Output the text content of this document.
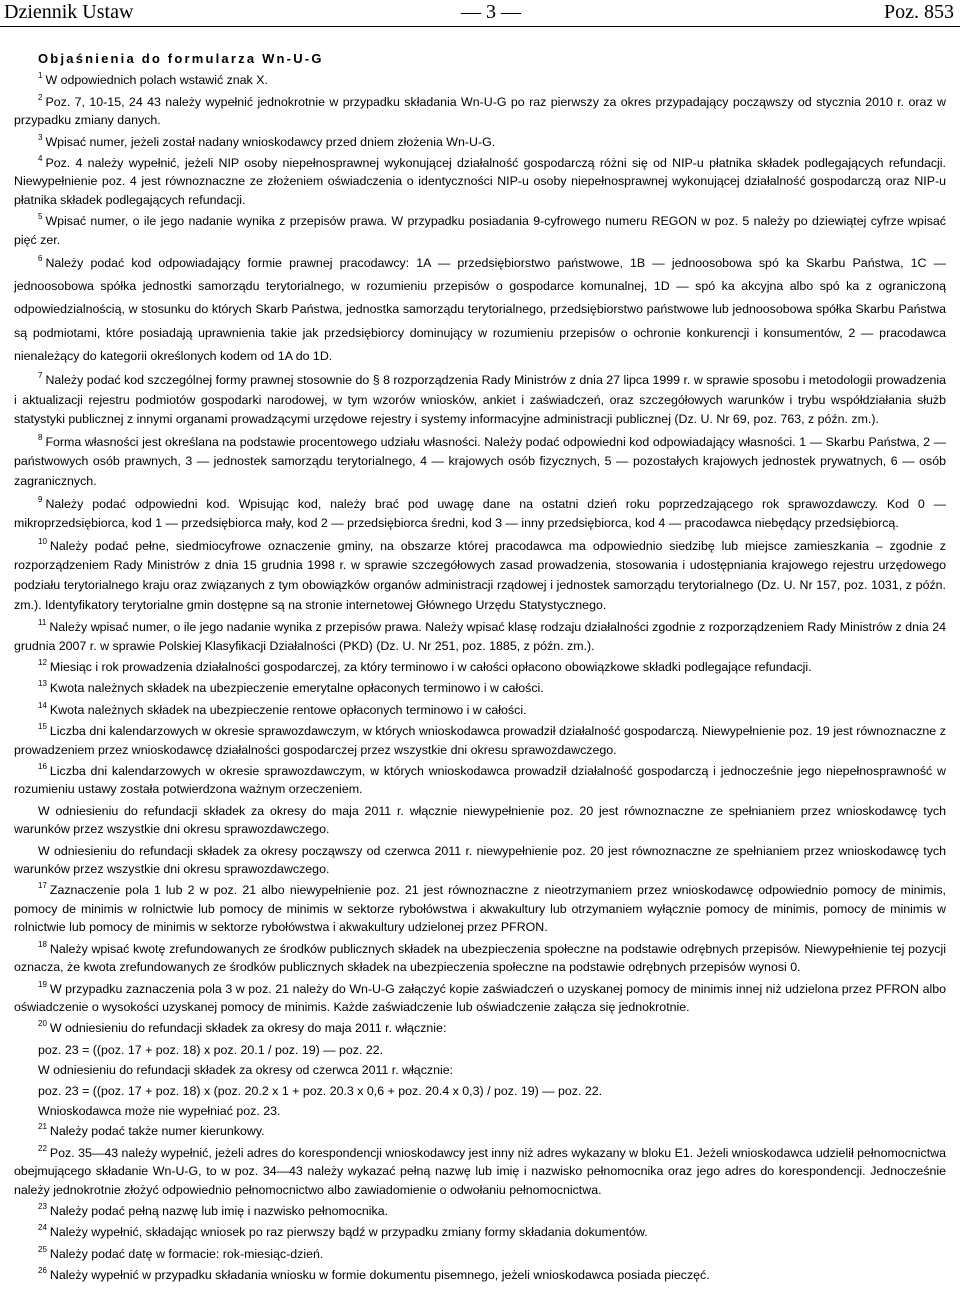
Dziennik Ustaw	— 3 —	Poz. 853
Objaśnienia do formularza Wn-U-G

$^1$ W odpowiednich polach wstawić znak X.

$^2$ Poz. 7, 10-15, 24 43 należy wypełnić jednokrotnie w przypadku składania Wn-U-G po raz pierwszy za okres przypadający począwszy od stycznia 2010 r. oraz w przypadku zmiany danych.

$^3$ Wpisać numer, jeżeli został nadany wnioskodawcy przed dniem złożenia Wn-U-G.

$^4$ Poz. 4 należy wypełnić, jeżeli NIP osoby niepełnosprawnej wykonującej działalność gospodarczą różni się od NIP-u płatnika składek podlegających refundacji. Niewypełnienie poz. 4 jest równoznaczne ze złożeniem oświadczenia o identyczności NIP-u osoby niepełnosprawnej wykonującej działalność gospodarczą oraz NIP-u płatnika składek podlegających refundacji.

$^5$ Wpisać numer, o ile jego nadanie wynika z przepisów prawa. W przypadku posiadania 9-cyfrowego numeru REGON w poz. 5 należy po dziewiątej cyfrze wpisać pięć zer.

$^6$ Należy podać kod odpowiadający formie prawnej pracodawcy: 1A — przedsiębiorstwo państwowe, 1B — jednoosobowa spó ka Skarbu Państwa, 1C — jednoosobowa spółka jednostki samorządu terytorialnego, w rozumieniu przepisów o gospodarce komunalnej, 1D — spó ka akcyjna albo spó ka z ograniczoną odpowiedzialnością, w stosunku do których Skarb Państwa, jednostka samorządu terytorialnego, przedsiębiorstwo państwowe lub jednoosobowa spółka Skarbu Państwa są podmiotami, które posiadają uprawnienia takie jak przedsiębiorcy dominujący w rozumieniu przepisów o ochronie konkurencji i konsumentów, 2 — pracodawca nienależący do kategorii określonych kodem od 1A do 1D.

$^7$ Należy podać kod szczególnej formy prawnej stosownie do § 8 rozporządzenia Rady Ministrów z dnia 27 lipca 1999 r. w sprawie sposobu i metodologii prowadzenia i aktualizacji rejestru podmiotów gospodarki narodowej, w tym wzorów wniosków, ankiet i zaświadczeń, oraz szczegółowych warunków i trybu współdziałania służb statystyki publicznej z innymi organami prowadzącymi urzędowe rejestry i systemy informacyjne administracji publicznej (Dz. U. Nr 69, poz. 763, z późn. zm.).

$^8$ Forma własności jest określana na podstawie procentowego udziału własności. Należy podać odpowiedni kod odpowiadający własności. 1 — Skarbu Państwa, 2 — państwowych osób prawnych, 3 — jednostek samorządu terytorialnego, 4 — krajowych osób fizycznych, 5 — pozostałych krajowych jednostek prywatnych, 6 — osób zagranicznych.

$^9$ Należy podać odpowiedni kod. Wpisując kod, należy brać pod uwagę dane na ostatni dzień roku poprzedzającego rok sprawozdawczy. Kod 0 — mikroprzedsiębiorca, kod 1 — przedsiębiorca mały, kod 2 — przedsiębiorca średni, kod 3 — inny przedsiębiorca, kod 4 — pracodawca niebędący przedsiębiorcą.

$^{10}$ Należy podać pełne, siedmiocyfrowe oznaczenie gminy, na obszarze której pracodawca ma odpowiednio siedzibę lub miejsce zamieszkania – zgodnie z rozporządzeniem Rady Ministrów z dnia 15 grudnia 1998 r. w sprawie szczegółowych zasad prowadzenia, stosowania i udostępniania krajowego rejestru urzędowego podziału terytorialnego kraju oraz związanych z tym obowiązków organów administracji rządowej i jednostek samorządu terytorialnego (Dz. U. Nr 157, poz. 1031, z późn. zm.). Identyfikatory terytorialne gmin dostępne są na stronie internetowej Głównego Urzędu Statystycznego.

$^{11}$ Należy wpisać numer, o ile jego nadanie wynika z przepisów prawa. Należy wpisać klasę rodzaju działalności zgodnie z rozporządzeniem Rady Ministrów z dnia 24 grudnia 2007 r. w sprawie Polskiej Klasyfikacji Działalności (PKD) (Dz. U. Nr 251, poz. 1885, z późn. zm.).

$^{12}$ Miesiąc i rok prowadzenia działalności gospodarczej, za który terminowo i w całości opłacono obowiązkowe składki podlegające refundacji.

$^{13}$ Kwota należnych składek na ubezpieczenie emerytalne opłaconych terminowo i w całości.

$^{14}$ Kwota należnych składek na ubezpieczenie rentowe opłaconych terminowo i w całości.

$^{15}$ Liczba dni kalendarzowych w okresie sprawozdawczym, w których wnioskodawca prowadził działalność gospodarczą. Niewypełnienie poz. 19 jest równoznaczne z prowadzeniem przez wnioskodawcę działalności gospodarczej przez wszystkie dni okresu sprawozdawczego.

$^{16}$ Liczba dni kalendarzowych w okresie sprawozdawczym, w których wnioskodawca prowadził działalność gospodarczą i jednocześnie jego niepełnosprawność w rozumieniu ustawy została potwierdzona ważnym orzeczeniem.

W odniesieniu do refundacji składek za okresy do maja 2011 r. włącznie niewypełnienie poz. 20 jest równoznaczne ze spełnianiem przez wnioskodawcę tych warunków przez wszystkie dni okresu sprawozdawczego.

W odniesieniu do refundacji składek za okresy począwszy od czerwca 2011 r. niewypełnienie poz. 20 jest równoznaczne ze spełnianiem przez wnioskodawcę tych warunków przez wszystkie dni okresu sprawozdawczego.

$^{17}$ Zaznaczenie pola 1 lub 2 w poz. 21 albo niewypełnienie poz. 21 jest równoznaczne z nieotrzymaniem przez wnioskodawcę odpowiednio pomocy de minimis, pomocy de minimis w rolnictwie lub pomocy de minimis w sektorze rybołówstwa i akwakultury lub otrzymaniem wyłącznie pomocy de minimis, pomocy de minimis w rolnictwie lub pomocy de minimis w sektorze rybołówstwa i akwakultury udzielonej przez PFRON.

$^{18}$ Należy wpisać kwotę zrefundowanych ze środków publicznych składek na ubezpieczenia społeczne na podstawie odrębnych przepisów. Niewypełnienie tej pozycji oznacza, że kwota zrefundowanych ze środków publicznych składek na ubezpieczenia społeczne na podstawie odrębnych przepisów wynosi 0.

$^{19}$ W przypadku zaznaczenia pola 3 w poz. 21 należy do Wn-U-G załączyć kopie zaświadczeń o uzyskanej pomocy de minimis innej niż udzielona przez PFRON albo oświadczenie o wysokości uzyskanej pomocy de minimis. Każde zaświadczenie lub oświadczenie załącza się jednokrotnie.

$^{20}$ W odniesieniu do refundacji składek za okresy do maja 2011 r. włącznie:

poz. 23 = ((poz. 17 + poz. 18) x poz. 20.1 / poz. 19) — poz. 22.
W odniesieniu do refundacji składek za okresy od czerwca 2011 r. włącznie:
poz. 23 = ((poz. 17 + poz. 18) x (poz. 20.2 x 1 + poz. 20.3 x 0,6 + poz. 20.4 x 0,3) / poz. 19) — poz. 22.
Wnioskodawca może nie wypełniać poz. 23.

$^{21}$ Należy podać także numer kierunkowy.

$^{22}$ Poz. 35—43 należy wypełnić, jeżeli adres do korespondencji wnioskodawcy jest inny niż adres wykazany w bloku E1. Jeżeli wnioskodawca udzielił pełnomocnictwa obejmującego składanie Wn-U-G, to w poz. 34—43 należy wykazać pełną nazwę lub imię i nazwisko pełnomocnika oraz jego adres do korespondencji. Jednocześnie należy jednokrotnie złożyć odpowiednio pełnomocnictwo albo zawiadomienie o odwołaniu pełnomocnictwa.

$^{23}$ Należy podać pełną nazwę lub imię i nazwisko pełnomocnika.

$^{24}$ Należy wypełnić, składając wniosek po raz pierwszy bądź w przypadku zmiany formy składania dokumentów.

$^{25}$ Należy podać datę w formacie: rok-miesiąc-dzień.

$^{26}$ Należy wypełnić w przypadku składania wniosku w formie dokumentu pisemnego, jeżeli wnioskodawca posiada pieczęć.
